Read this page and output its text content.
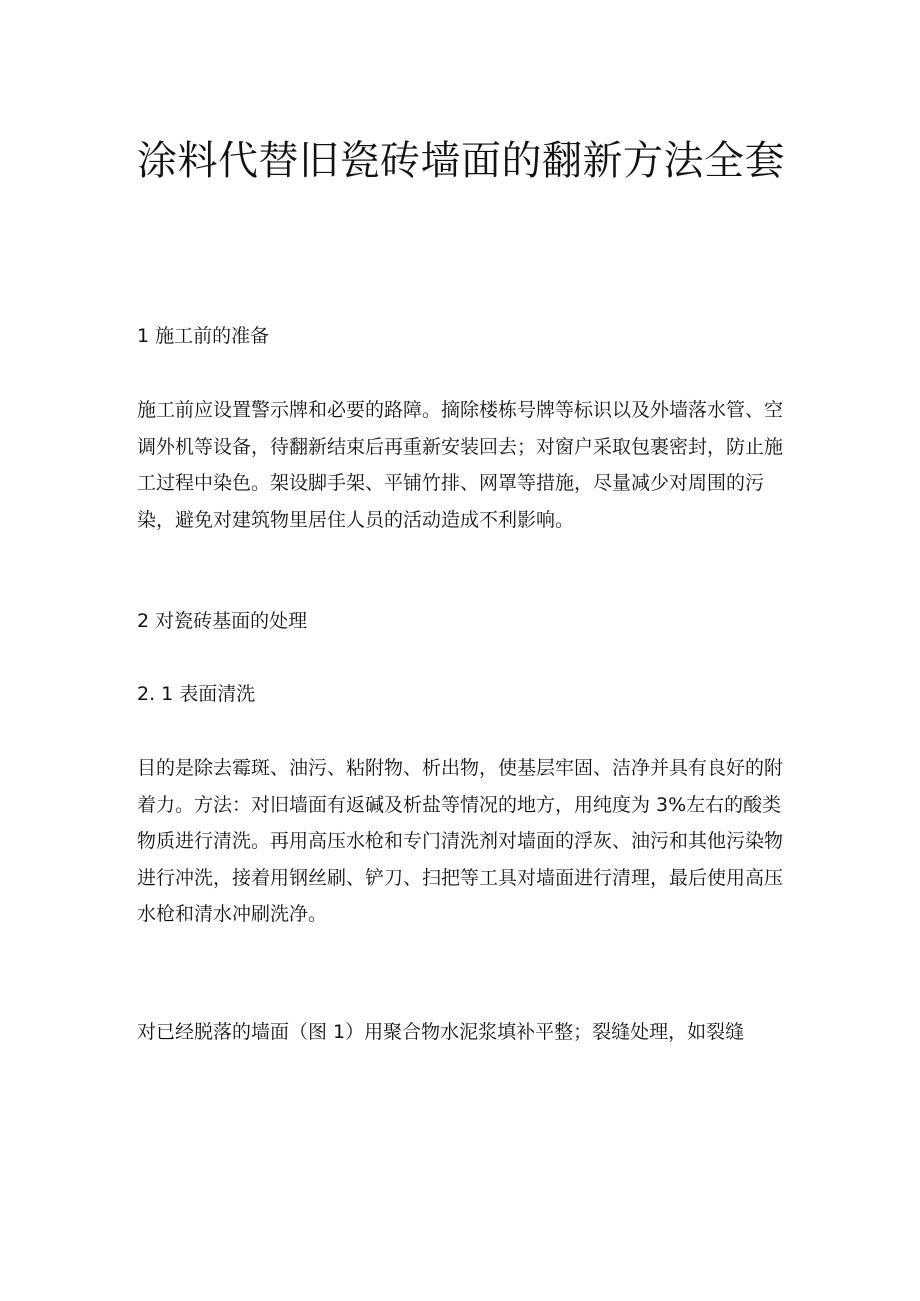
涂料代替旧瓷砖墙面的翻新方法全套
1 施工前的准备

施工前应设置警示牌和必要的路障。摘除楼栋号牌等标识以及外墙落水管、空调外机等设备，待翻新结束后再重新安装回去；对窗户采取包裹密封，防止施工过程中染色。架设脚手架、平铺竹排、网罩等措施，尽量减少对周围的污染，避免对建筑物里居住人员的活动造成不利影响。

2 对瓷砖基面的处理
2. 1 表面清洗

目的是除去霉斑、油污、粘附物、析出物，使基层牢固、洁净并具有良好的附着力。方法：对旧墙面有返碱及析盐等情况的地方，用纯度为 3%左右的酸类物质进行清洗。再用高压水枪和专门清洗剂对墙面的浮灰、油污和其他污染物进行冲洗，接着用钢丝刷、铲刀、扫把等工具对墙面进行清理，最后使用高压水枪和清水冲刷洗净。

对已经脱落的墙面（图 1）用聚合物水泥浆填补平整；裂缝处理，如裂缝
